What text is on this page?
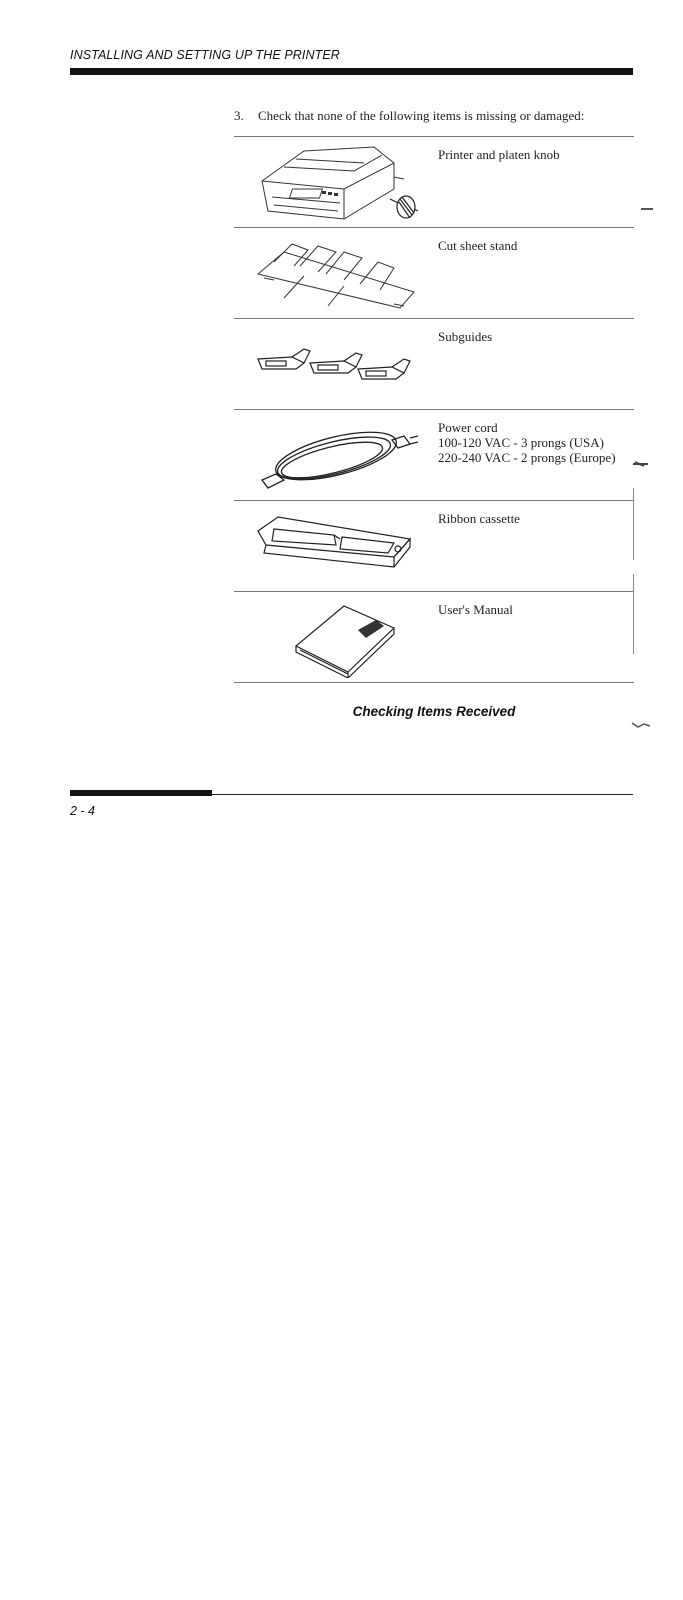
INSTALLING AND SETTING UP THE PRINTER
3. Check that none of the following items is missing or damaged:
Printer and platen knob
Cut sheet stand
Subguides
Power cord
100-120 VAC - 3 prongs (USA)
220-240 VAC - 2 prongs (Europe)
Ribbon cassette
User's Manual
Checking Items Received
2 - 4
